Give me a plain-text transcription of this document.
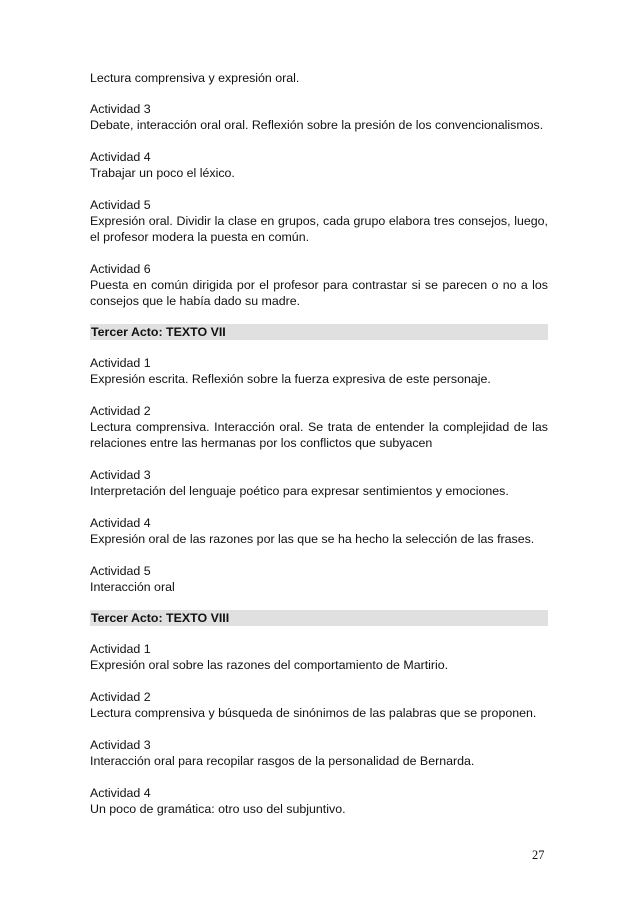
Lectura comprensiva y expresión oral.
Actividad 3
Debate, interacción oral oral. Reflexión sobre la presión de los convencionalismos.
Actividad 4
Trabajar un poco el léxico.
Actividad 5
Expresión oral. Dividir la clase en grupos, cada grupo elabora tres consejos, luego, el profesor modera la puesta en común.
Actividad 6
Puesta en común dirigida por el profesor para contrastar si se parecen o no a los consejos que le había dado su madre.
Tercer Acto: TEXTO VII
Actividad 1
Expresión escrita. Reflexión sobre la fuerza expresiva de este personaje.
Actividad 2
Lectura comprensiva. Interacción oral. Se trata de entender la complejidad de las relaciones entre las hermanas por los conflictos que subyacen
Actividad 3
Interpretación del lenguaje poético para expresar sentimientos y emociones.
Actividad 4
Expresión oral de las razones por las que se ha hecho la selección de las frases.
Actividad 5
Interacción oral
Tercer Acto: TEXTO VIII
Actividad 1
Expresión oral sobre las razones del comportamiento de Martirio.
Actividad 2
Lectura comprensiva y búsqueda de sinónimos de las palabras que se proponen.
Actividad 3
Interacción oral para recopilar rasgos de la personalidad de Bernarda.
Actividad 4
Un poco de gramática: otro uso del subjuntivo.
27
